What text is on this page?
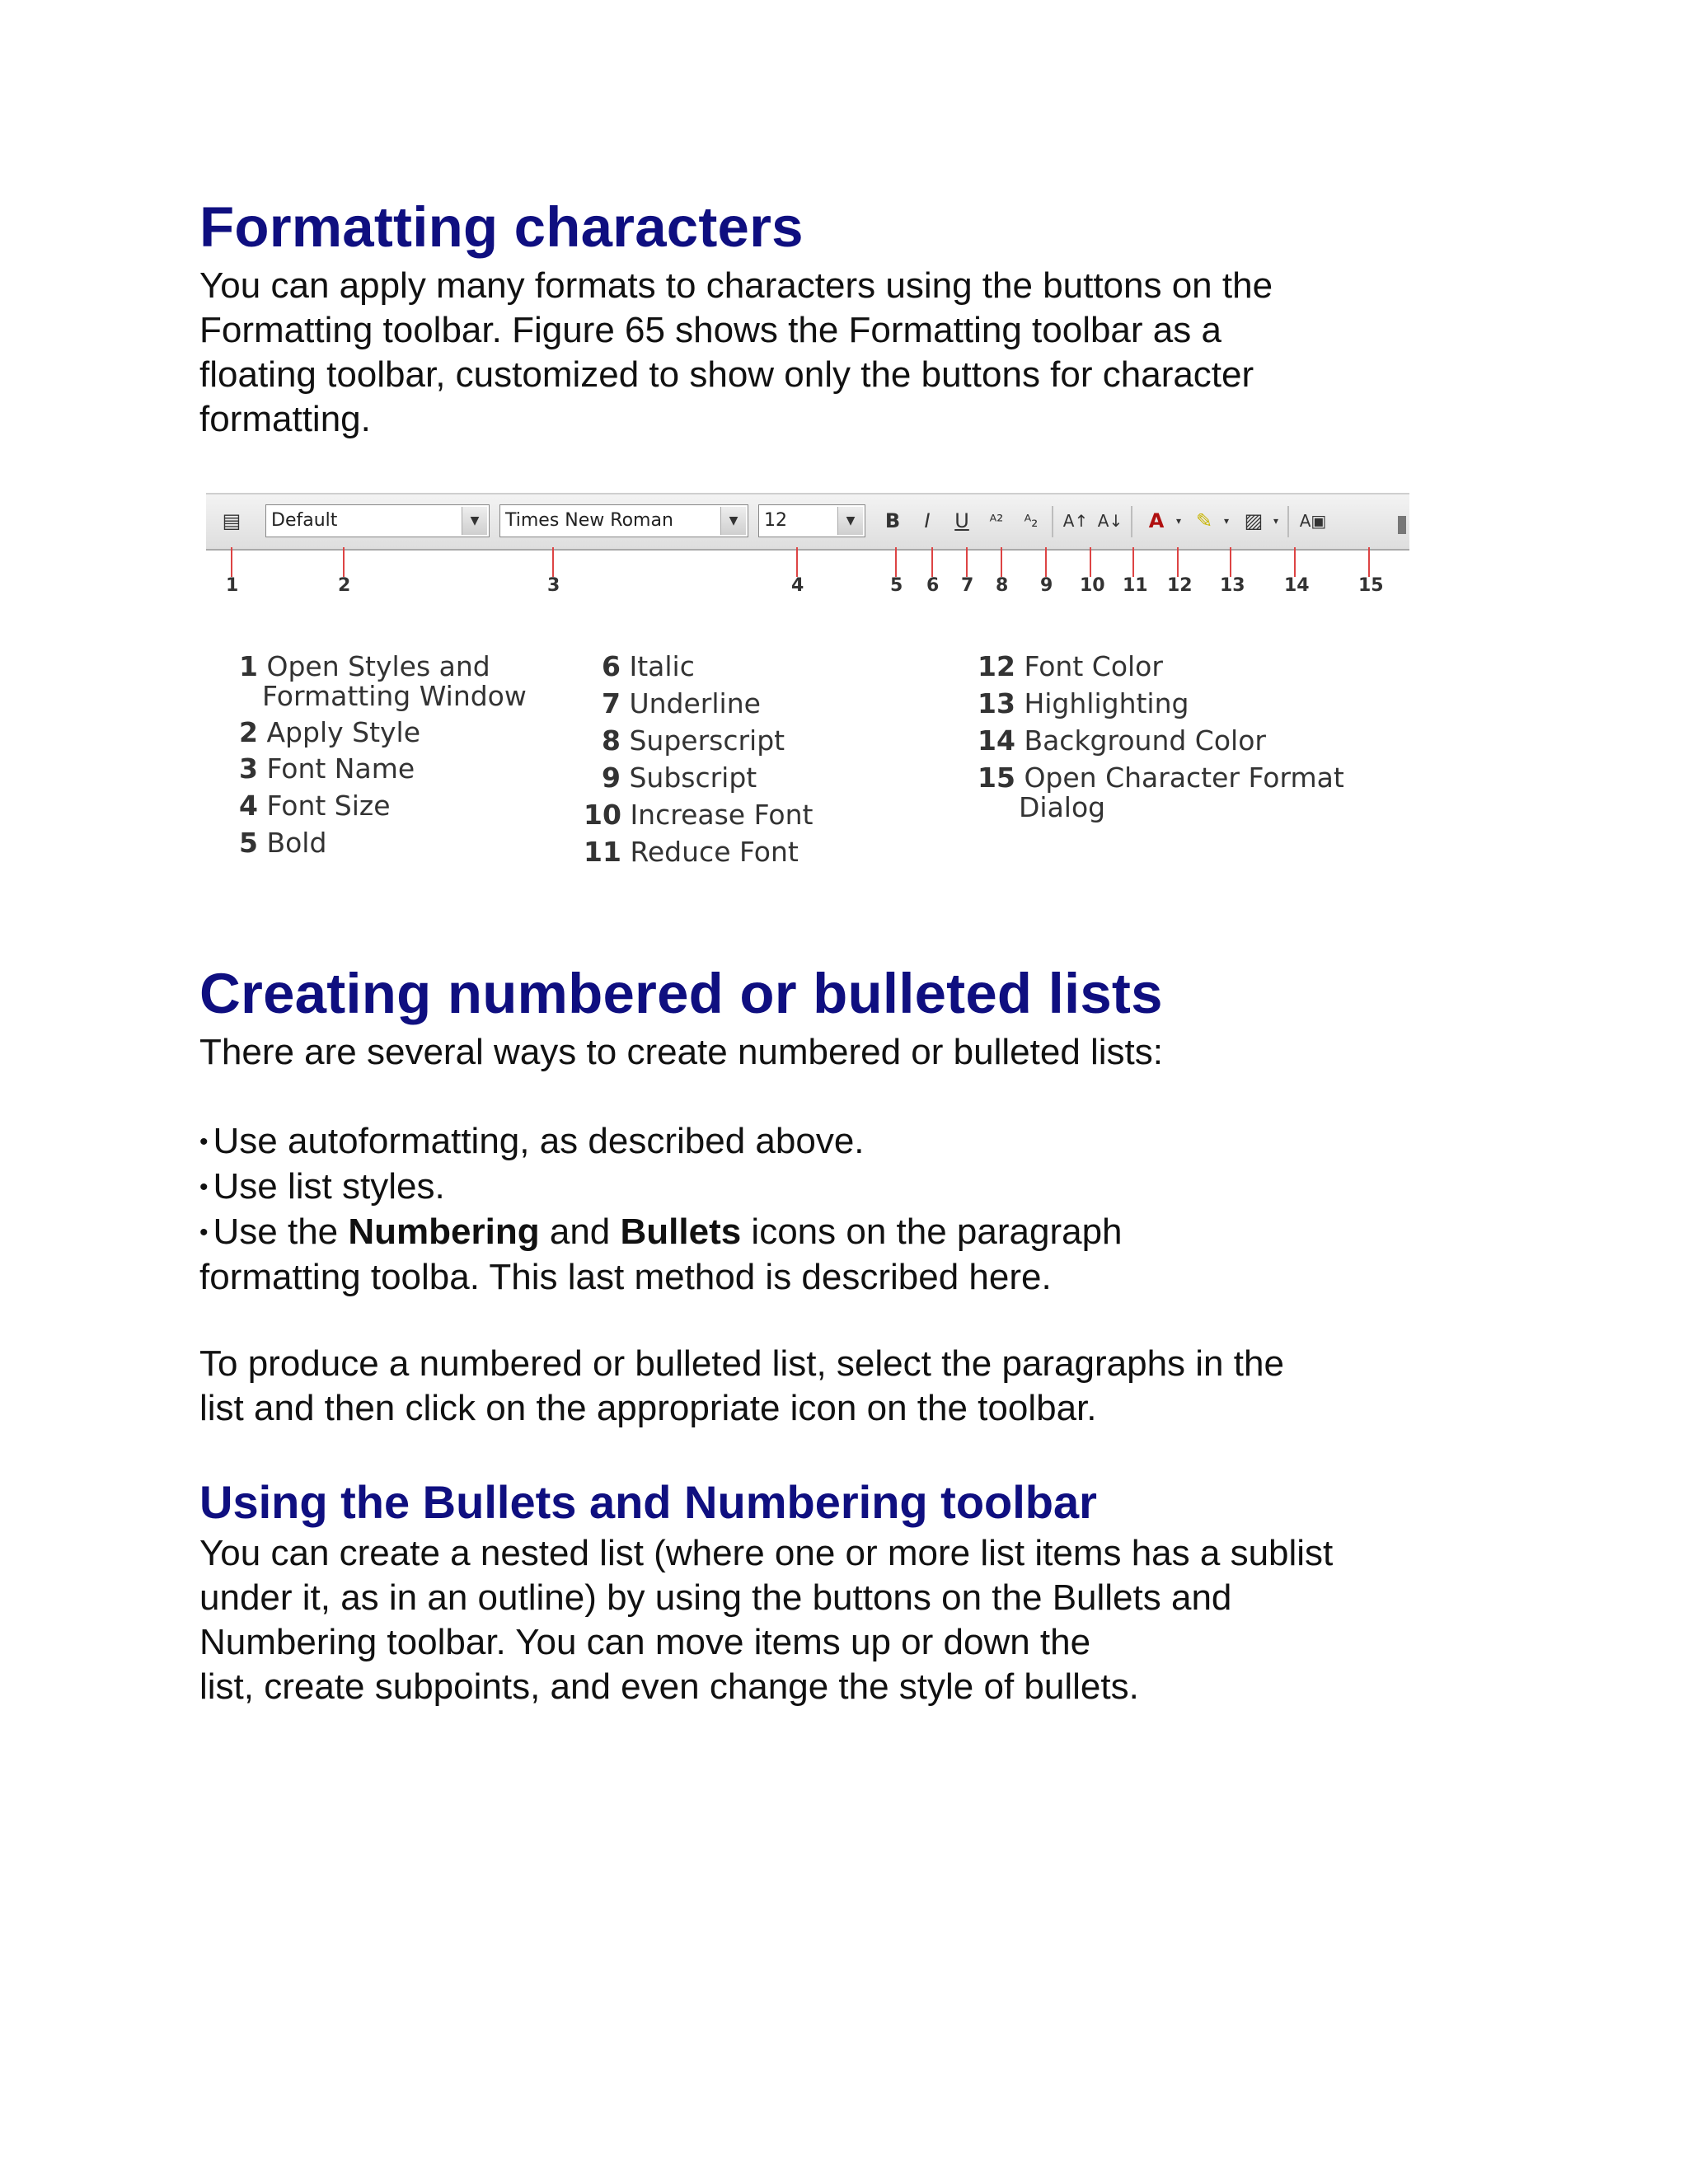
Formatting characters

You can apply many formats to characters using the buttons on the

Formatting toolbar. Figure 65 shows the Formatting toolbar as a

floating toolbar, customized to show only the buttons for character

formatting.

▤ Default	▼	Times New Roman	▼	12	▼	B	I	U	ᴬ²	ᴬ₂	A↑ A↓	A	▾ ✎	▾ ▨	▾ A▣
1	2	3	4	5 6 7 8 9 10 11 12 13 14	15
1 Open Styles and
Formatting Window
2 Apply Style
3 Font Name
4 Font Size
5 Bold
6 Italic
7 Underline
8 Superscript
9 Subscript
10 Increase Font
11 Reduce Font
12 Font Color
13 Highlighting
14 Background Color
15 Open Character Format
Dialog
Creating numbered or bulleted lists

There are several ways to create numbered or bulleted lists:

• Use autoformatting, as described above.
• Use list styles.
• Use the Numbering and Bullets icons on the paragraph
formatting toolba. This last method is described here.

To produce a numbered or bulleted list, select the paragraphs in the

list and then click on the appropriate icon on the toolbar.

Using the Bullets and Numbering toolbar

You can create a nested list (where one or more list items has a sublist

under it, as in an outline) by using the buttons on the Bullets and

Numbering toolbar. You can move items up or down the

list, create subpoints, and even change the style of bullets.
